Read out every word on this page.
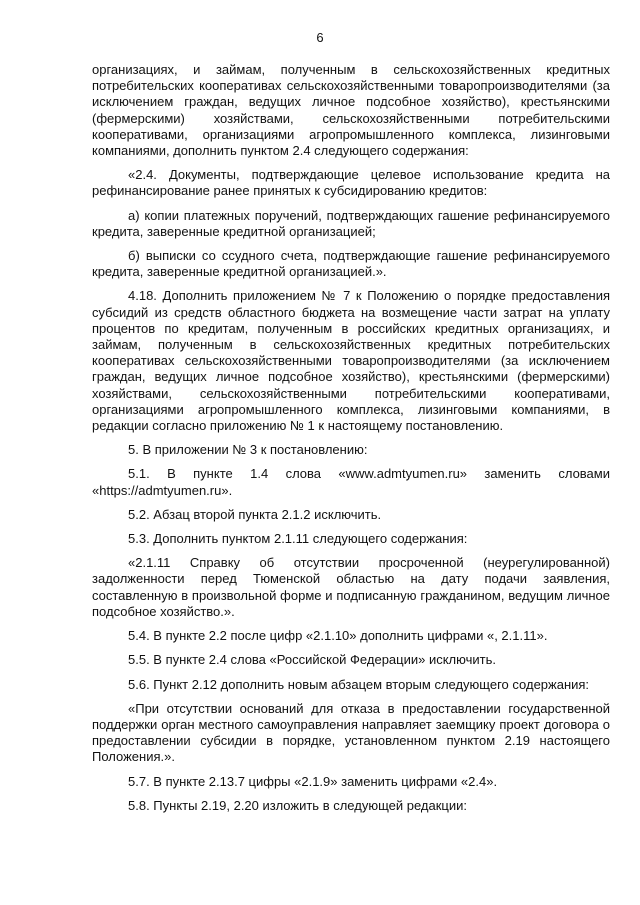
6

организациях, и займам, полученным в сельскохозяйственных кредитных потребительских кооперативах сельскохозяйственными товаропроизводителями (за исключением граждан, ведущих личное подсобное хозяйство), крестьянскими (фермерскими) хозяйствами, сельскохозяйственными потребительскими кооперативами, организациями агропромышленного комплекса, лизинговыми компаниями, дополнить пунктом 2.4 следующего содержания:

«2.4. Документы, подтверждающие целевое использование кредита на рефинансирование ранее принятых к субсидированию кредитов:

а) копии платежных поручений, подтверждающих гашение рефинансируемого кредита, заверенные кредитной организацией;

б) выписки со ссудного счета, подтверждающие гашение рефинансируемого кредита, заверенные кредитной организацией.».

4.18. Дополнить приложением № 7 к Положению о порядке предоставления субсидий из средств областного бюджета на возмещение части затрат на уплату процентов по кредитам, полученным в российских кредитных организациях, и займам, полученным в сельскохозяйственных кредитных потребительских кооперативах сельскохозяйственными товаропроизводителями (за исключением граждан, ведущих личное подсобное хозяйство), крестьянскими (фермерскими) хозяйствами, сельскохозяйственными потребительскими кооперативами, организациями агропромышленного комплекса, лизинговыми компаниями, в редакции согласно приложению № 1 к настоящему постановлению.

5. В приложении № 3 к постановлению:

5.1. В пункте 1.4 слова «www.admtyumen.ru» заменить словами «https://admtyumen.ru».

5.2. Абзац второй пункта 2.1.2 исключить.

5.3. Дополнить пунктом 2.1.11 следующего содержания:

«2.1.11 Справку об отсутствии просроченной (неурегулированной) задолженности перед Тюменской областью на дату подачи заявления, составленную в произвольной форме и подписанную гражданином, ведущим личное подсобное хозяйство.».

5.4. В пункте 2.2 после цифр «2.1.10» дополнить цифрами «, 2.1.11».

5.5. В пункте 2.4 слова «Российской Федерации» исключить.

5.6. Пункт 2.12 дополнить новым абзацем вторым следующего содержания:

«При отсутствии оснований для отказа в предоставлении государственной поддержки орган местного самоуправления направляет заемщику проект договора о предоставлении субсидии в порядке, установленном пунктом 2.19 настоящего Положения.».

5.7. В пункте 2.13.7 цифры «2.1.9» заменить цифрами «2.4».

5.8. Пункты 2.19, 2.20 изложить в следующей редакции:
